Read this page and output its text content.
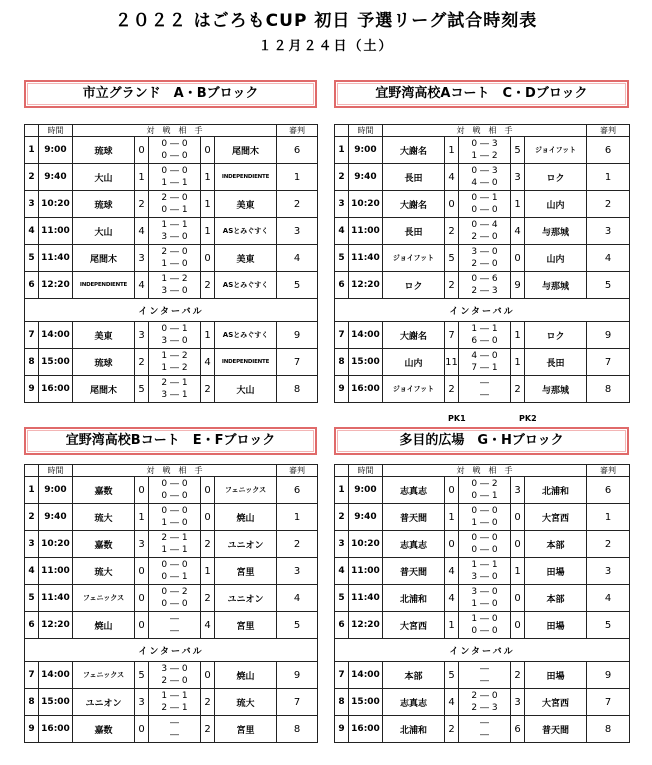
２０２２ はごろもCUP 初日 予選リーグ試合時刻表
１２月２４日（土）
市立グランド　A・Bブロック	宜野湾高校Aコート　C・Dブロック
宜野湾高校Bコート　E・Fブロック	多目的広場　G・Hブロック
	時間	対　戦　相　手					審判
1	9:00	琉球	0	0 ― 0
0 ― 0	0	尾間木	6
2	9:40	大山	1	0 ― 0
1 ― 1	1	INDEPENDIENTE	1
3	10:20	琉球	2	2 ― 0
0 ― 1	1	美東	2
4	11:00	大山	4	1 ― 1
3 ― 0	1	ASとみぐすく	3
5	11:40	尾間木	3	2 ― 0
1 ― 0	0	美東	4
6	12:20	INDEPENDIENTE	4	1 ― 2
3 ― 0	2	ASとみぐすく	5
インターバル							
7	14:00	美東	3	0 ― 1
3 ― 0	1	ASとみぐすく	9
8	15:00	琉球	2	1 ― 2
1 ― 2	4	INDEPENDIENTE	7
9	16:00	尾間木	5	2 ― 1
3 ― 1	2	大山	8
	時間	対　戦　相　手					審判
1	9:00	大謝名	1	0 ― 3
1 ― 2	5	ジョイフット	6
2	9:40	長田	4	0 ― 3
4 ― 0	3	ロク	1
3	10:20	大謝名	0	0 ― 1
0 ― 0	1	山内	2
4	11:00	長田	2	0 ― 4
2 ― 0	4	与那城	3
5	11:40	ジョイフット	5	3 ― 0
2 ― 0	0	山内	4
6	12:20	ロク	2	0 ― 6
2 ― 3	9	与那城	5
インターバル							
7	14:00	大謝名	7	1 ― 1
6 ― 0	1	ロク	9
8	15:00	山内	11	4 ― 0
7 ― 1	1	長田	7
9	16:00	ジョイフット	2	―
―	2	与那城	8
	時間	対　戦　相　手					審判
1	9:00	嘉数	0	0 ― 0
0 ― 0	0	フェニックス	6
2	9:40	琉大	1	0 ― 0
1 ― 0	0	焼山	1
3	10:20	嘉数	3	2 ― 1
1 ― 1	2	ユニオン	2
4	11:00	琉大	0	0 ― 0
0 ― 1	1	宮里	3
5	11:40	フェニックス	0	0 ― 2
0 ― 0	2	ユニオン	4
6	12:20	焼山	0	―
―	4	宮里	5
インターバル							
7	14:00	フェニックス	5	3 ― 0
2 ― 0	0	焼山	9
8	15:00	ユニオン	3	1 ― 1
2 ― 1	2	琉大	7
9	16:00	嘉数	0	―
―	2	宮里	8
	時間	対　戦　相　手					審判
1	9:00	志真志	0	0 ― 2
0 ― 1	3	北浦和	6
2	9:40	普天間	1	0 ― 0
1 ― 0	0	大宮西	1
3	10:20	志真志	0	0 ― 0
0 ― 0	0	本部	2
4	11:00	普天間	4	1 ― 1
3 ― 0	1	田場	3
5	11:40	北浦和	4	3 ― 0
1 ― 0	0	本部	4
6	12:20	大宮西	1	1 ― 0
0 ― 0	0	田場	5
インターバル							
7	14:00	本部	5	―
―	2	田場	9
8	15:00	志真志	4	2 ― 0
2 ― 3	3	大宮西	7
9	16:00	北浦和	2	―
―	6	普天間	8
PK1	PK2
